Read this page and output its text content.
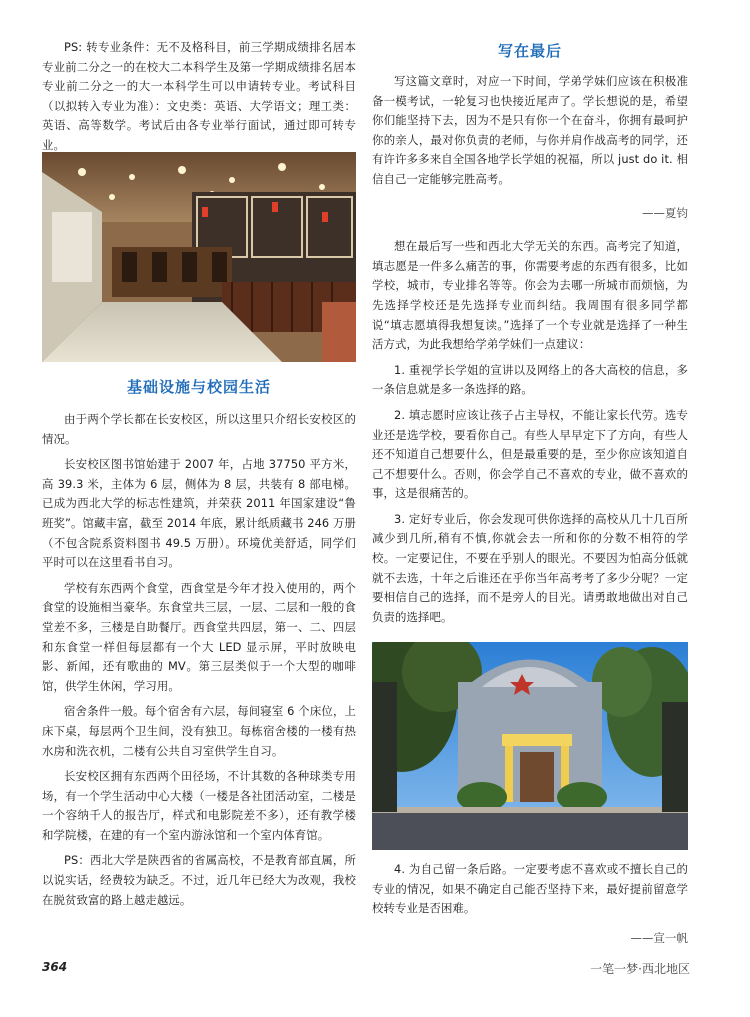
PS: 转专业条件：无不及格科目，前三学期成绩排名居本专业前二分之一的在校大二本科学生及第一学期成绩排名居本专业前二分之一的大一本科学生可以申请转专业。考试科目（以拟转入专业为准）：文史类：英语、大学语文；理工类：英语、高等数学。考试后由各专业举行面试，通过即可转专业。

基础设施与校园生活

由于两个学长都在长安校区，所以这里只介绍长安校区的情况。

长安校区图书馆始建于 2007 年，占地 37750 平方米，高 39.3 米，主体为 6 层，侧体为 8 层，共装有 8 部电梯。已成为西北大学的标志性建筑，并荣获 2011 年国家建设“鲁班奖”。馆藏丰富，截至 2014 年底，累计纸质藏书 246 万册（不包含院系资料图书 49.5 万册）。环境优美舒适，同学们平时可以在这里看书自习。

学校有东西两个食堂，西食堂是今年才投入使用的，两个食堂的设施相当豪华。东食堂共三层，一层、二层和一般的食堂差不多，三楼是自助餐厅。西食堂共四层，第一、二、四层和东食堂一样但每层都有一个大 LED 显示屏，平时放映电影、新闻，还有歌曲的 MV。第三层类似于一个大型的咖啡馆，供学生休闲，学习用。

宿舍条件一般。每个宿舍有六层，每间寝室 6 个床位，上床下桌，每层两个卫生间，没有独卫。每栋宿舍楼的一楼有热水房和洗衣机，二楼有公共自习室供学生自习。

长安校区拥有东西两个田径场，不计其数的各种球类专用场，有一个学生活动中心大楼（一楼是各社团活动室，二楼是一个容纳千人的报告厅，样式和电影院差不多），还有教学楼和学院楼，在建的有一个室内游泳馆和一个室内体育馆。

PS：西北大学是陕西省的省属高校，不是教育部直属，所以说实话，经费较为缺乏。不过，近几年已经大为改观，我校在脱贫致富的路上越走越远。

写在最后

写这篇文章时，对应一下时间，学弟学妹们应该在积极准备一模考试，一轮复习也快接近尾声了。学长想说的是，希望你们能坚持下去，因为不是只有你一个在奋斗，你拥有最呵护你的亲人，最对你负责的老师，与你并肩作战高考的同学，还有许许多多来自全国各地学长学姐的祝福，所以 just do it. 相信自己一定能够完胜高考。

——夏钧

想在最后写一些和西北大学无关的东西。高考完了知道，填志愿是一件多么痛苦的事，你需要考虑的东西有很多，比如学校，城市，专业排名等等。你会为去哪一所城市而烦恼，为先选择学校还是先选择专业而纠结。我周围有很多同学都说“填志愿填得我想复读。”选择了一个专业就是选择了一种生活方式，为此我想给学弟学妹们一点建议：

1. 重视学长学姐的宣讲以及网络上的各大高校的信息，多一条信息就是多一条选择的路。

2. 填志愿时应该让孩子占主导权，不能让家长代劳。选专业还是选学校，要看你自己。有些人早早定下了方向，有些人还不知道自己想要什么，但是最重要的是，至少你应该知道自己不想要什么。否则，你会学自己不喜欢的专业，做不喜欢的事，这是很痛苦的。

3. 定好专业后，你会发现可供你选择的高校从几十几百所减少到几所,稍有不慎,你就会去一所和你的分数不相符的学校。一定要记住，不要在乎别人的眼光。不要因为怕高分低就就不去选，十年之后谁还在乎你当年高考考了多少分呢？一定要相信自己的选择，而不是旁人的目光。请勇敢地做出对自己负责的选择吧。

4. 为自己留一条后路。一定要考虑不喜欢或不擅长自己的专业的情况，如果不确定自己能否坚持下来，最好提前留意学校转专业是否困难。

——宣一帆

364	一笔一梦·西北地区
